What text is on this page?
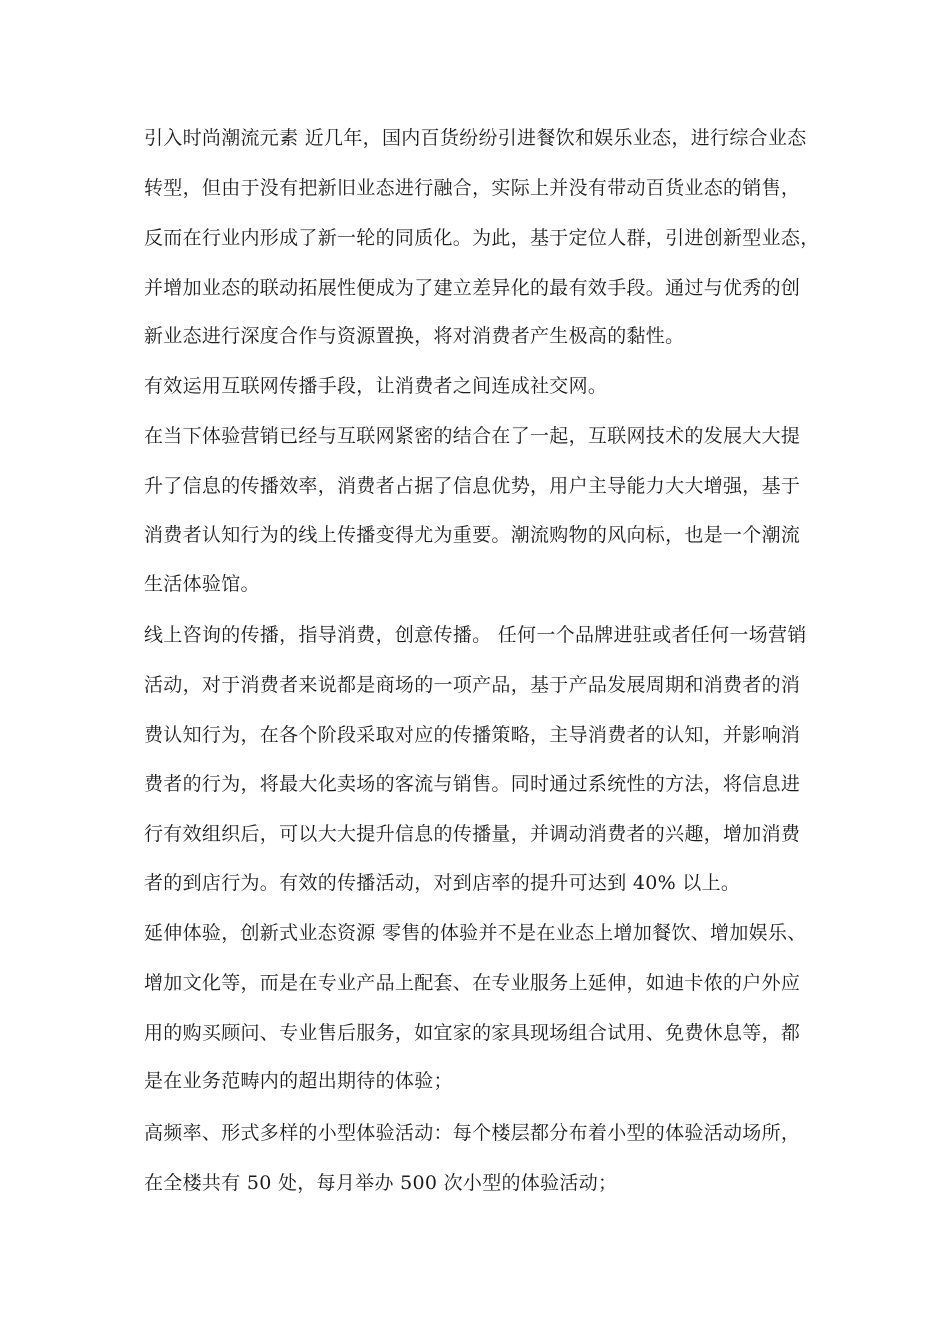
引入时尚潮流元素 近几年，国内百货纷纷引进餐饮和娱乐业态，进行综合业态
转型，但由于没有把新旧业态进行融合，实际上并没有带动百货业态的销售，
反而在行业内形成了新一轮的同质化。为此，基于定位人群，引进创新型业态，
并增加业态的联动拓展性便成为了建立差异化的最有效手段。通过与优秀的创
新业态进行深度合作与资源置换，将对消费者产生极高的黏性。
有效运用互联网传播手段，让消费者之间连成社交网。
在当下体验营销已经与互联网紧密的结合在了一起，互联网技术的发展大大提
升了信息的传播效率，消费者占据了信息优势，用户主导能力大大增强，基于
消费者认知行为的线上传播变得尤为重要。潮流购物的风向标，也是一个潮流
生活体验馆。
线上咨询的传播，指导消费，创意传播。 任何一个品牌进驻或者任何一场营销
活动，对于消费者来说都是商场的一项产品，基于产品发展周期和消费者的消
费认知行为，在各个阶段采取对应的传播策略，主导消费者的认知，并影响消
费者的行为，将最大化卖场的客流与销售。同时通过系统性的方法，将信息进
行有效组织后，可以大大提升信息的传播量，并调动消费者的兴趣，增加消费
者的到店行为。有效的传播活动，对到店率的提升可达到 40% 以上。
延伸体验，创新式业态资源 零售的体验并不是在业态上增加餐饮、增加娱乐、
增加文化等，而是在专业产品上配套、在专业服务上延伸，如迪卡侬的户外应
用的购买顾问、专业售后服务，如宜家的家具现场组合试用、免费休息等，都
是在业务范畴内的超出期待的体验；
高频率、形式多样的小型体验活动：每个楼层都分布着小型的体验活动场所，
在全楼共有 50 处，每月举办 500 次小型的体验活动；
